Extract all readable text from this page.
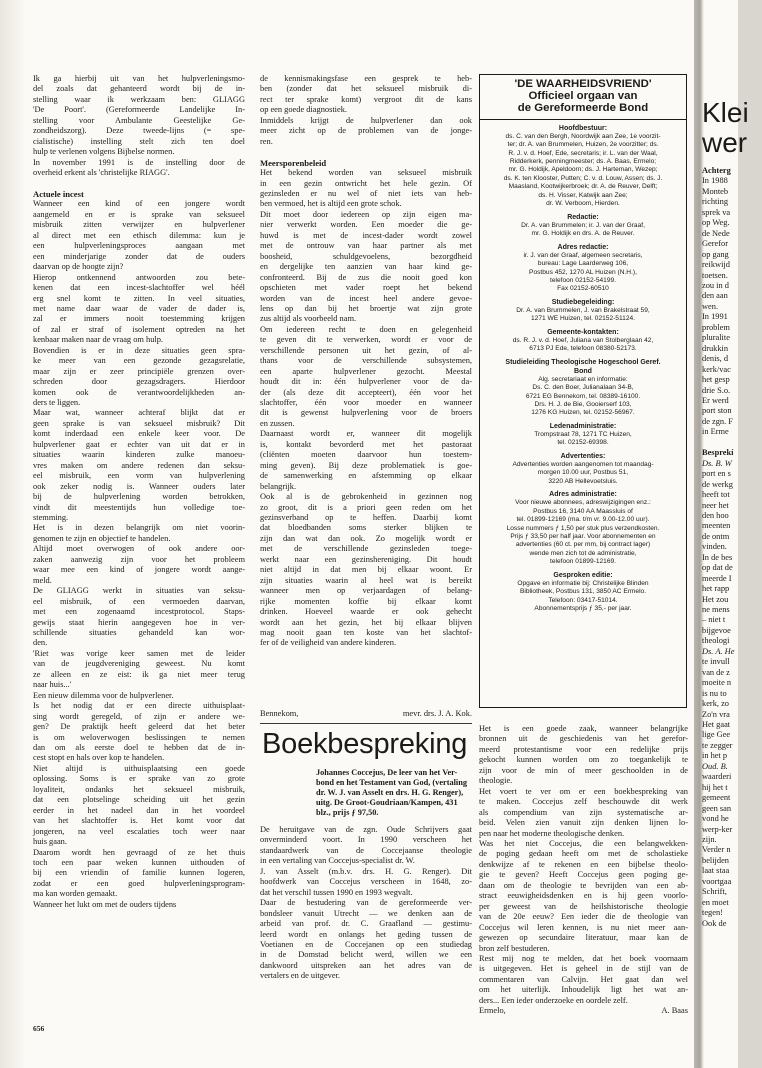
Ik ga hierbij uit van het hulpverleningsmo-
del zoals dat gehanteerd wordt bij de in-
stelling waar ik werkzaam ben: GLIAGG
'De Poort'. (Gereformeerde Landelijke In-
stelling voor Ambulante Geestelijke Ge-
zondheidszorg). Deze tweede-lijns (= spe-
cialistische) instelling stelt zich ten doel
hulp te verlenen volgens Bijbelse normen.
In november 1991 is de instelling door de
overheid erkent als 'christelijke RIAGG'.
Actuele incest
Wanneer een kind of een jongere wordt
aangemeld en er is sprake van seksueel
misbruik zitten verwijzer en hulpverlener
al direct met een ethisch dilemma: kun je
een hulpverleningsproces aangaan met
een minderjarige zonder dat de ouders
daarvan op de hoogte zijn?
Hierop ontkennend antwoorden zou bete-
kenen dat een incest-slachtoffer wel héél
erg snel komt te zitten. In veel situaties,
met name daar waar de vader de dader is,
zal er immers nooit toestemming krijgen
of zal er straf of isolement optreden na het
kenbaar maken naar de vraag om hulp.
Bovendien is er in deze situaties geen spra-
ke meer van een gezonde gezagsrelatie,
maar zijn er zeer principiële grenzen over-
schreden door gezagsdragers. Hierdoor
komen ook de verantwoordelijkheden an-
ders te liggen.
Maar wat, wanneer achteraf blijkt dat er
geen sprake is van seksueel misbruik? Dit
komt inderdaad een enkele keer voor. De
hulpverlener gaat er echter van uit dat er in
situaties waarin kinderen zulke manoeu-
vres maken om andere redenen dan seksu-
eel misbruik, een vorm van hulpverlening
ook zeker nodig is. Wanneer ouders later
bij de hulpverlening worden betrokken,
vindt dit meestentijds hun volledige toe-
stemming.
Het is in dezen belangrijk om niet voorin-
genomen te zijn en objectief te handelen.
Altijd moet overwogen of ook andere oor-
zaken aanwezig zijn voor het probleem
waar mee een kind of jongere wordt aange-
meld.
De GLIAGG werkt in situaties van seksu-
eel misbruik, of een vermoeden daarvan,
met een zogenaamd incestprotocol. Staps-
gewijs staat hierin aangegeven hoe in ver-
schillende situaties gehandeld kan wor-
den.
'Riet was vorige keer samen met de leider
van de jeugdvereniging geweest. Nu komt
ze alleen en ze eist: ik ga niet meer terug
naar huis...'
Een nieuw dilemma voor de hulpverlener.
Is het nodig dat er een directe uithuisplaat-
sing wordt geregeld, of zijn er andere we-
gen? De praktijk heeft geleerd dat het beter
is om weloverwogen beslissingen te nemen
dan om als eerste doel te hebben dat de in-
cest stopt en hals over kop te handelen.
Niet altijd is uithuisplaatsing een goede
oplossing. Soms is er sprake van zo grote
loyaliteit, ondanks het seksueel misbruik,
dat een plotselinge scheiding uit het gezin
eerder in het nadeel dan in het voordeel
van het slachtoffer is. Het komt voor dat
jongeren, na veel escalaties toch weer naar
huis gaan.
Daarom wordt hen gevraagd of ze het thuis
toch een paar weken kunnen uithouden of
bij een vriendin of familie kunnen logeren,
zodat er een goed hulpverleningsprogram-
ma kan worden gemaakt.
Wanneer het lukt om met de ouders tijdens
de kennismakingsfase een gesprek te heb-
ben (zonder dat het seksueel misbruik di-
rect ter sprake komt) vergroot dit de kans
op een goede diagnostiek.
Inmiddels krijgt de hulpverlener dan ook
meer zicht op de problemen van de jonge-
ren.
Meersporenbeleid
Het bekend worden van seksueel misbruik
in een gezin ontwricht het hele gezin. Of
gezinsleden er nu wel of niet iets van heb-
ben vermoed, het is altijd een grote schok.
Dit moet door iedereen op zijn eigen ma-
nier verwerkt worden. Een moeder die ge-
huwd is met de incest-dader wordt zowel
met de ontrouw van haar partner als met
boosheid, schuldgevoelens, bezorgdheid
en dergelijke ten aanzien van haar kind ge-
confronteerd. Bij de zus die nooit goed kon
opschieten met vader roept het bekend
worden van de incest heel andere gevoe-
lens op dan bij het broertje wat zijn grote
zus altijd als voorbeeld nam.
Om iedereen recht te doen en gelegenheid
te geven dit te verwerken, wordt er voor de
verschillende personen uit het gezin, of al-
thans voor de verschillende subsystemen,
een aparte hulpverlener gezocht. Meestal
houdt dit in: één hulpverlener voor de da-
der (als deze dit accepteert), één voor het
slachtoffer, één voor moeder en wanneer
dit is gewenst hulpverlening voor de broers
en zussen.
Daarnaast wordt er, wanneer dit mogelijk
is, kontakt bevorderd met het pastoraat
(cliënten moeten daarvoor hun toestem-
ming geven). Bij deze problematiek is goe-
de samenwerking en afstemming op elkaar
belangrijk.
Ook al is de gebrokenheid in gezinnen nog
zo groot, dit is a priori geen reden om het
gezinsverband op te heffen. Daarbij komt
dat bloedbanden soms sterker blijken te
zijn dan wat dan ook. Zo mogelijk wordt er
met de verschillende gezinsleden toege-
werkt naar een gezinshereniging. Dit houdt
niet altijd in dat men bij elkaar woont. Er
zijn situaties waarin al heel wat is bereikt
wanneer men op verjaardagen of belang-
rijke momenten koffie bij elkaar komt
drinken. Hoeveel waarde er ook gehecht
wordt aan het gezin, het bij elkaar blijven
mag nooit gaan ten koste van het slachtof-
fer of de veiligheid van andere kinderen.
Bennekom,	mevr. drs. J. A. Kok.
Boekbespreking
Johannes Coccejus, De leer van het Ver-
bond en het Testament van God, (vertaling
dr. W. J. van Asselt en drs. H. G. Renger),
uitg. De Groot-Goudriaan/Kampen, 431
blz., prijs ƒ 97,50.
De heruitgave van de zgn. Oude Schrijvers gaat
onverminderd voort. In 1990 verscheen het
standaardwerk van de Coccejaanse theologie
in een vertaling van Coccejus-specialist dr. W.
J. van Asselt (m.b.v. drs. H. G. Renger). Dit
hoofdwerk van Coccejus verscheen in 1648, zo-
dat het verschil tussen 1990 en 1993 wegvalt.
Daar de bestudering van de gereformeerde ver-
bondsleer vanuit Utrecht — we denken aan de
arbeid van prof. dr. C. Graafland — gestimu-
leerd wordt en onlangs het geding tussen de
Voetianen en de Coccejanen op een studiedag
in de Domstad belicht werd, willen we een
dankwoord uitspreken aan het adres van de
vertalers en de uitgever.
656
'DE WAARHEIDSVRIEND'
Officieel orgaan van
de Gereformeerde Bond
Hoofdbestuur:
ds. C. van den Bergh, Noordwijk aan Zee, 1e voorzit-
ter; dr. A. van Brummelen, Huizen, 2e voorzitter; ds.
R. J. v. d. Hoef, Ede, secretaris; ir. L. van der Waal,
Ridderkerk, penningmeester; ds. A. Baas, Ermelo;
mr. G. Holdijk, Apeldoorn; ds. J. Harteman, Wezep;
ds. K. ten Klooster, Putten; C. v. d. Louw, Assen; ds. J.
Maasland, Kootwijkerbroek; dr. A. de Reuver, Delft;
ds. H. Visser, Katwijk aan Zee;
dr. W. Verboom, Hierden.
Redactie:
Dr. A. van Brummelen; ir. J. van der Graaf,
mr. G. Holdijk en drs. A. de Reuver.
Adres redactie:
ir. J. van der Graaf, algemeen secretaris,
bureau: Lage Laarderweg 106,
Postbus 452, 1270 AL Huizen (N.H.),
telefoon 02152-54199.
Fax 02152-60510
Studiebegeleiding:
Dr. A. van Brummelen, J. van Brakelstraat 59,
1271 WE Huizen, tel. 02152-51124.
Gemeente-kontakten:
ds. R. J. v. d. Hoef, Juliana van Stolberglaan 42,
6713 PJ Ede, telefoon 08380-52173.
Studieleiding Theologische Hogeschool Geref. Bond
Alg. secretariaat en informatie:
Ds. C. den Boer, Julianalaan 34-B,
6721 EG Bennekom, tel. 08389-16100.
Drs. H. J. de Bie, Gooierserf 103,
1276 KG Huizen, tel. 02152-56967.
Ledenadministratie:
Trompstraat 78, 1271 TC Huizen,
tel. 02152-69398.
Advertenties:
Advertenties worden aangenomen tot maandag-
morgen 10.00 uur, Postbus 51,
3220 AB Hellevoetsluis.
Adres administratie:
Voor nieuwe abonnees, adreswijzigingen enz.:
Postbus 16, 3140 AA Maassluis of
tel. 01899-12169 (ma. t/m vr. 9.00-12.00 uur).
Losse nummers ƒ 1,50 per stuk plus verzendkosten.
Prijs ƒ 33,50 per half jaar. Voor abonnementen en
advertenties (60 ct. per mm, bij contract lager)
wende men zich tot de administratie,
telefoon 01899-12169.
Gesproken editie:
Opgave en informatie bij: Christelijke Blinden
Bibliotheek, Postbus 131, 3850 AC Ermelo.
Telefoon: 03417-51014.
Abonnementsprijs ƒ 35,- per jaar.
Het is een goede zaak, wanneer belangrijke
bronnen uit de geschiedenis van het gerefor-
meerd protestantisme voor een redelijke prijs
gekocht kunnen worden om zo toegankelijk te
zijn voor de min of meer geschoolden in de
theologie.
Het voert te ver om er een boekbespreking van
te maken. Coccejus zelf beschouwde dit werk
als compendium van zijn systematische ar-
beid. Velen zien vanuit zijn denken lijnen lo-
pen naar het moderne theologische denken.
Was het niet Coccejus, die een belangwekken-
de poging gedaan heeft om met de scholastieke
denkwijze af te rekenen en een bijbelse theolo-
gie te geven? Heeft Coccejus geen poging ge-
daan om de theologie te bevrijden van een ab-
stract eeuwigheidsdenken en is hij geen voorlo-
per geweest van de heilshistorische theologie
van de 20e eeuw? Een ieder die de theologie van
Coccejus wil leren kennen, is nu niet meer aan-
gewezen op secundaire literatuur, maar kan de
bron zelf bestuderen.
Rest mij nog te melden, dat het boek voornaam
is uitgegeven. Het is geheel in de stijl van de
commentaren van Calvijn. Het gaat dan wel
om het uiterlijk. Inhoudelijk ligt het wat an-
ders... Een ieder onderzoeke en oordele zelf.
Ermelo,	A. Baas
Klei
wer
Achterg
In 1988
Monteb
richting
sprek va
op Weg.
de Nede
Gerefor
op gang
reikwijd
toetsen.
zou in d
den aan
wen.
In 1991
problem
pluralite
drukkin
denis, d
kerk/vac
het gesp
drie S.o.
Er werd
port ston
de zgn. F
in Erme

Besprekí
Ds. B. W
port en s
de werkg
heeft tot
neer het
den hoo
meenten
de ontm
vinden.
In de bes
op dat de
meerde I
het rapp
Het zou
ne mens
– niet t
bijgevoe
theologi
Ds. A. He
te invull
van de z
moeite n
is nu to
kerk, zo
Zo'n vra
Het gaat
lige Gee
te zegger
in het p
Oud. B.
waarderi
hij het t
gemeent
geen san
vond he
werp-ker
zijn.
Verder n
belijden
laat staa
voortgaa
Schrift,
en moet
tegen!
Ook de
